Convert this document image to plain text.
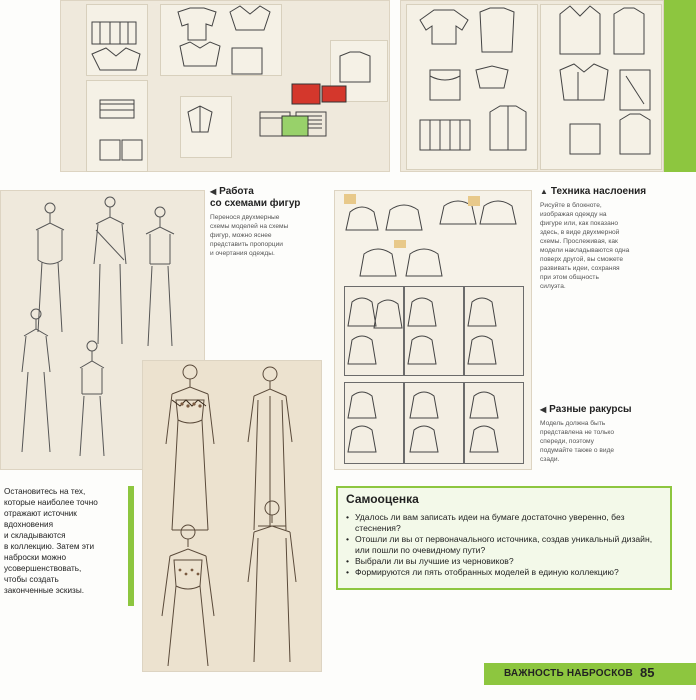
◀ Работа
со схемами фигур
Перенося двухмерные
схемы моделей на схемы
фигур, можно яснее
представить пропорции
и очертания одежды.
▲ Техника наслоения
Рисуйте в блокноте,
изображая одежду на
фигуре или, как показано
здесь, в виде двухмерной
схемы. Прослеживая, как
модели накладываются одна
поверх другой, вы сможете
развивать идеи, сохраняя
при этом общность
силуэта.
◀ Разные ракурсы
Модель должна быть
представлена не только
спереди, поэтому
подумайте также о виде
сзади.
Остановитесь на тех,
которые наиболее точно
отражают источник
вдохновения
и складываются
в коллекцию. Затем эти
наброски можно
усовершенствовать,
чтобы создать
законченные эскизы.
Самооценка
• Удалось ли вам записать идеи на бумаге достаточно уверенно, без стеснения?
• Отошли ли вы от первоначального источника, создав уникальный дизайн, или пошли по очевидному пути?
• Выбрали ли вы лучшие из черновиков?
• Формируются ли пять отобранных моделей в единую коллекцию?
ВАЖНОСТЬ НАБРОСКОВ 85
